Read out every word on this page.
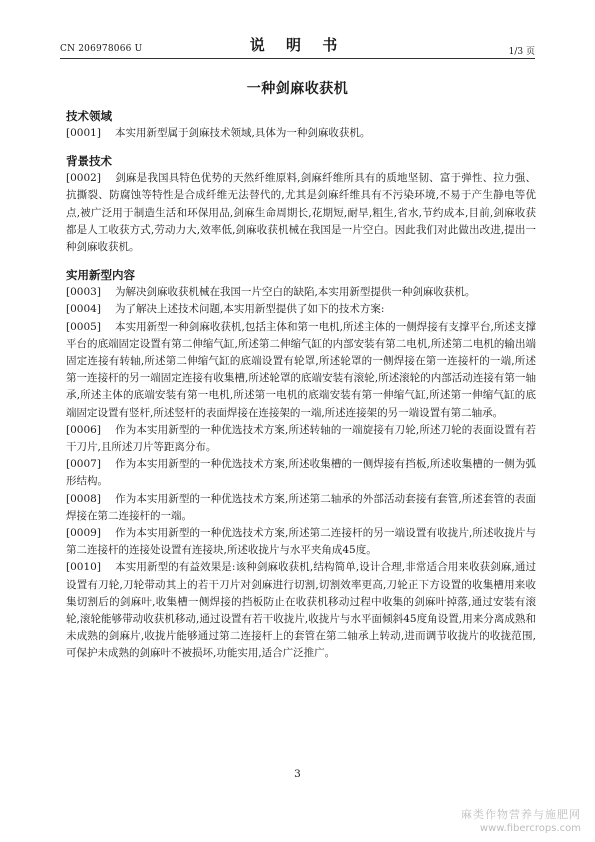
CN 206978066 U	说 明 书	1/3 页
一种剑麻收获机
技术领域

[0001] 本实用新型属于剑麻技术领域,具体为一种剑麻收获机。

背景技术

[0002] 剑麻是我国具特色优势的天然纤维原料,剑麻纤维所具有的质地坚韧、富于弹性、拉力强、抗撕裂、防腐蚀等特性是合成纤维无法替代的,尤其是剑麻纤维具有不污染环境,不易于产生静电等优点,被广泛用于制造生活和环保用品,剑麻生命周期长,花期短,耐旱,粗生,省水,节约成本,目前,剑麻收获都是人工收获方式,劳动力大,效率低,剑麻收获机械在我国是一片空白。因此我们对此做出改进,提出一种剑麻收获机。

实用新型内容

[0003] 为解决剑麻收获机械在我国一片空白的缺陷,本实用新型提供一种剑麻收获机。

[0004] 为了解决上述技术问题,本实用新型提供了如下的技术方案:

[0005] 本实用新型一种剑麻收获机,包括主体和第一电机,所述主体的一侧焊接有支撑平台,所述支撑平台的底端固定设置有第二伸缩气缸,所述第二伸缩气缸的内部安装有第二电机,所述第二电机的输出端固定连接有转轴,所述第二伸缩气缸的底端设置有轮罩,所述轮罩的一侧焊接在第一连接杆的一端,所述第一连接杆的另一端固定连接有收集槽,所述轮罩的底端安装有滚轮,所述滚轮的内部活动连接有第一轴承,所述主体的底端安装有第一电机,所述第一电机的底端安装有第一伸缩气缸,所述第一伸缩气缸的底端固定设置有竖杆,所述竖杆的表面焊接在连接架的一端,所述连接架的另一端设置有第二轴承。

[0006] 作为本实用新型的一种优选技术方案,所述转轴的一端旋接有刀轮,所述刀轮的表面设置有若干刀片,且所述刀片等距离分布。

[0007] 作为本实用新型的一种优选技术方案,所述收集槽的一侧焊接有挡板,所述收集槽的一侧为弧形结构。

[0008] 作为本实用新型的一种优选技术方案,所述第二轴承的外部活动套接有套管,所述套管的表面焊接在第二连接杆的一端。

[0009] 作为本实用新型的一种优选技术方案,所述第二连接杆的另一端设置有收拢片,所述收拢片与第二连接杆的连接处设置有连接块,所述收拢片与水平夹角成45度。

[0010] 本实用新型的有益效果是:该种剑麻收获机,结构简单,设计合理,非常适合用来收获剑麻,通过设置有刀轮,刀轮带动其上的若干刀片对剑麻进行切割,切割效率更高,刀轮正下方设置的收集槽用来收集切割后的剑麻叶,收集槽一侧焊接的挡板防止在收获机移动过程中收集的剑麻叶掉落,通过安装有滚轮,滚轮能够带动收获机移动,通过设置有若干收拢片,收拢片与水平面倾斜45度角设置,用来分离成熟和未成熟的剑麻片,收拢片能够通过第二连接杆上的套管在第二轴承上转动,进而调节收拢片的收拢范围,可保护未成熟的剑麻叶不被损坏,功能实用,适合广泛推广。

3
麻类作物营养与施肥网
www.fibercrops.com
